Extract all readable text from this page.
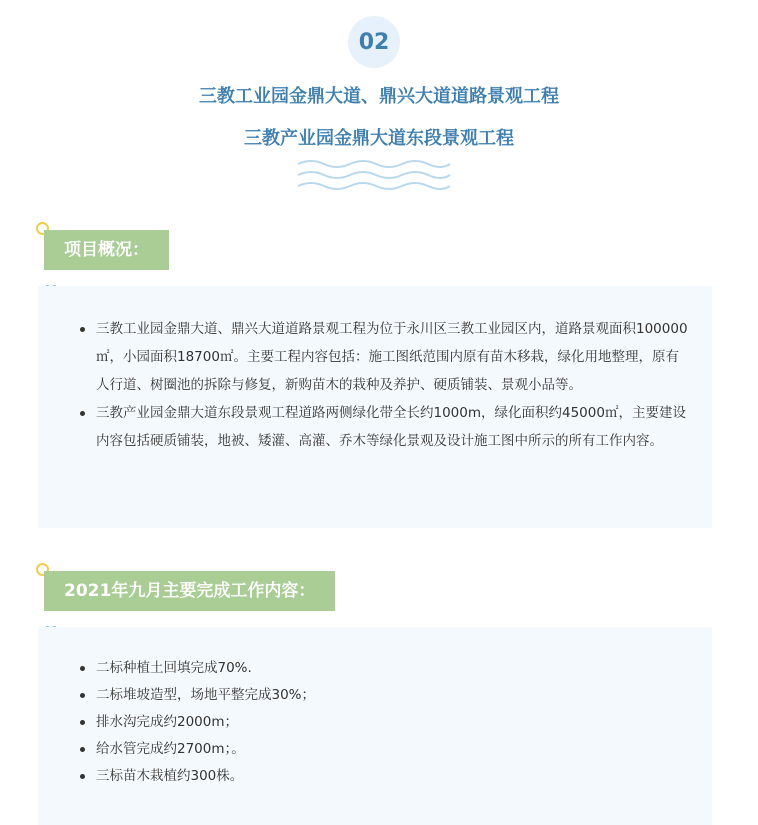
02
三教工业园金鼎大道、鼎兴大道道路景观工程
三教产业园金鼎大道东段景观工程
项目概况：
三教工业园金鼎大道、鼎兴大道道路景观工程为位于永川区三教工业园区内，道路景观面积100000㎡，小园面积18700㎡。主要工程内容包括：施工图纸范围内原有苗木移栽，绿化用地整理，原有人行道、树圈池的拆除与修复，新购苗木的栽种及养护、硬质铺装、景观小品等。
三教产业园金鼎大道东段景观工程道路两侧绿化带全长约1000m，绿化面积约45000㎡，主要建设内容包括硬质铺装，地被、矮灌、高灌、乔木等绿化景观及设计施工图中所示的所有工作内容。
2021年九月主要完成工作内容：
二标种植土回填完成70%.
二标堆坡造型，场地平整完成30%；
排水沟完成约2000m；
给水管完成约2700m；。
三标苗木栽植约300株。
